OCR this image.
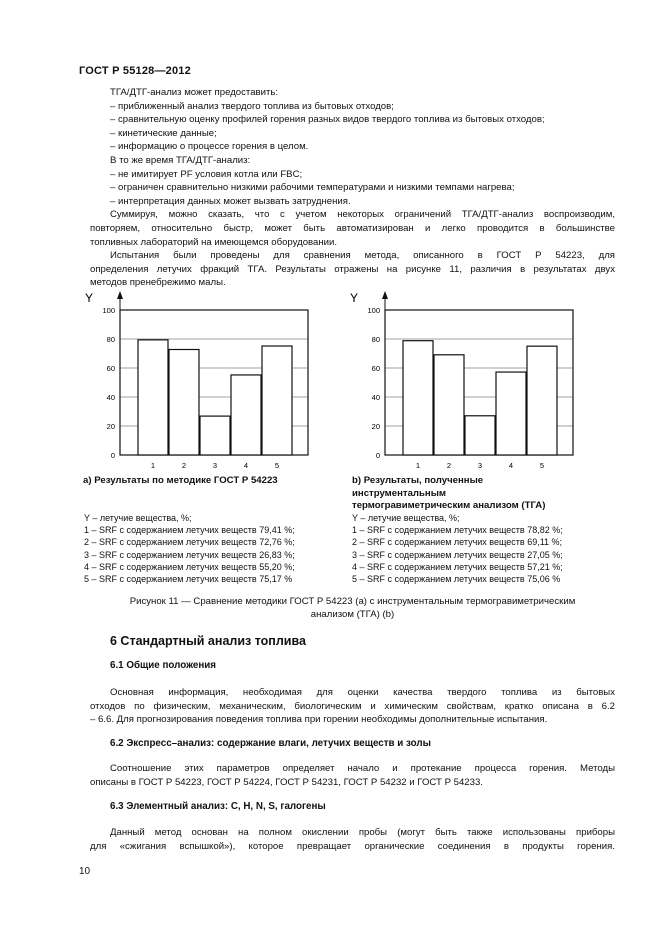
ГОСТ Р 55128—2012
ТГА/ДТГ-анализ может предоставить:
– приближенный анализ твердого топлива из бытовых отходов;
– сравнительную оценку профилей горения разных видов твердого топлива из бытовых отходов;
– кинетические данные;
– информацию о процессе горения в целом.
В то же время ТГА/ДТГ-анализ:
– не имитирует PF условия котла или FBC;
– ограничен сравнительно низкими рабочими температурами и низкими темпами нагрева;
– интерпретация данных может вызвать затруднения.
Суммируя, можно сказать, что с учетом некоторых ограничений ТГА/ДТГ-анализ воспроизводим,
повторяем, относительно быстр, может быть автоматизирован и легко проводится в большинстве
топливных лабораторий на имеющемся оборудовании.
Испытания были проведены для сравнения метода, описанного в ГОСТ Р 54223, для
определения летучих фракций ТГА. Результаты отражены на рисунке 11, различия в результатах двух
методов пренебрежимо малы.
Y
0
20
40
60
80
100
1	2	3	4	5
Y
0
20
40
60
80
100
1	2	3	4	5
a) Результаты по методике ГОСТ Р 54223	b) Результаты, полученные
инструментальным
термогравиметрическим анализом (ТГА)
Y – летучие вещества, %;
1 – SRF с содержанием летучих веществ 79,41 %;
2 – SRF с содержанием летучих веществ 72,76 %;
3 – SRF с содержанием летучих веществ 26,83 %;
4 – SRF с содержанием летучих веществ 55,20 %;
5 – SRF с содержанием летучих веществ 75,17 %
Y – летучие вещества, %;
1 – SRF с содержанием летучих веществ 78,82 %;
2 – SRF с содержанием летучих веществ 69,11 %;
3 – SRF с содержанием летучих веществ 27,05 %;
4 – SRF с содержанием летучих веществ 57,21 %;
5 – SRF с содержанием летучих веществ 75,06 %
Рисунок 11 — Сравнение методики ГОСТ Р 54223 (a) с инструментальным термогравиметрическим
анализом (ТГА) (b)
6 Стандартный анализ топлива
6.1 Общие положения
Основная информация, необходимая для оценки качества твердого топлива из бытовых
отходов по физическим, механическим, биологическим и химическим свойствам, кратко описана в 6.2
– 6.6. Для прогнозирования поведения топлива при горении необходимы дополнительные испытания.
6.2 Экспресс–анализ: содержание влаги, летучих веществ и золы
Соотношение этих параметров определяет начало и протекание процесса горения. Методы
описаны в ГОСТ Р 54223, ГОСТ Р 54224, ГОСТ Р 54231, ГОСТ Р 54232 и ГОСТ Р 54233.
6.3 Элементный анализ: C, H, N, S, галогены
Данный метод основан на полном окислении пробы (могут быть также использованы приборы
для «сжигания вспышкой»), которое превращает органические соединения в продукты горения.
10
